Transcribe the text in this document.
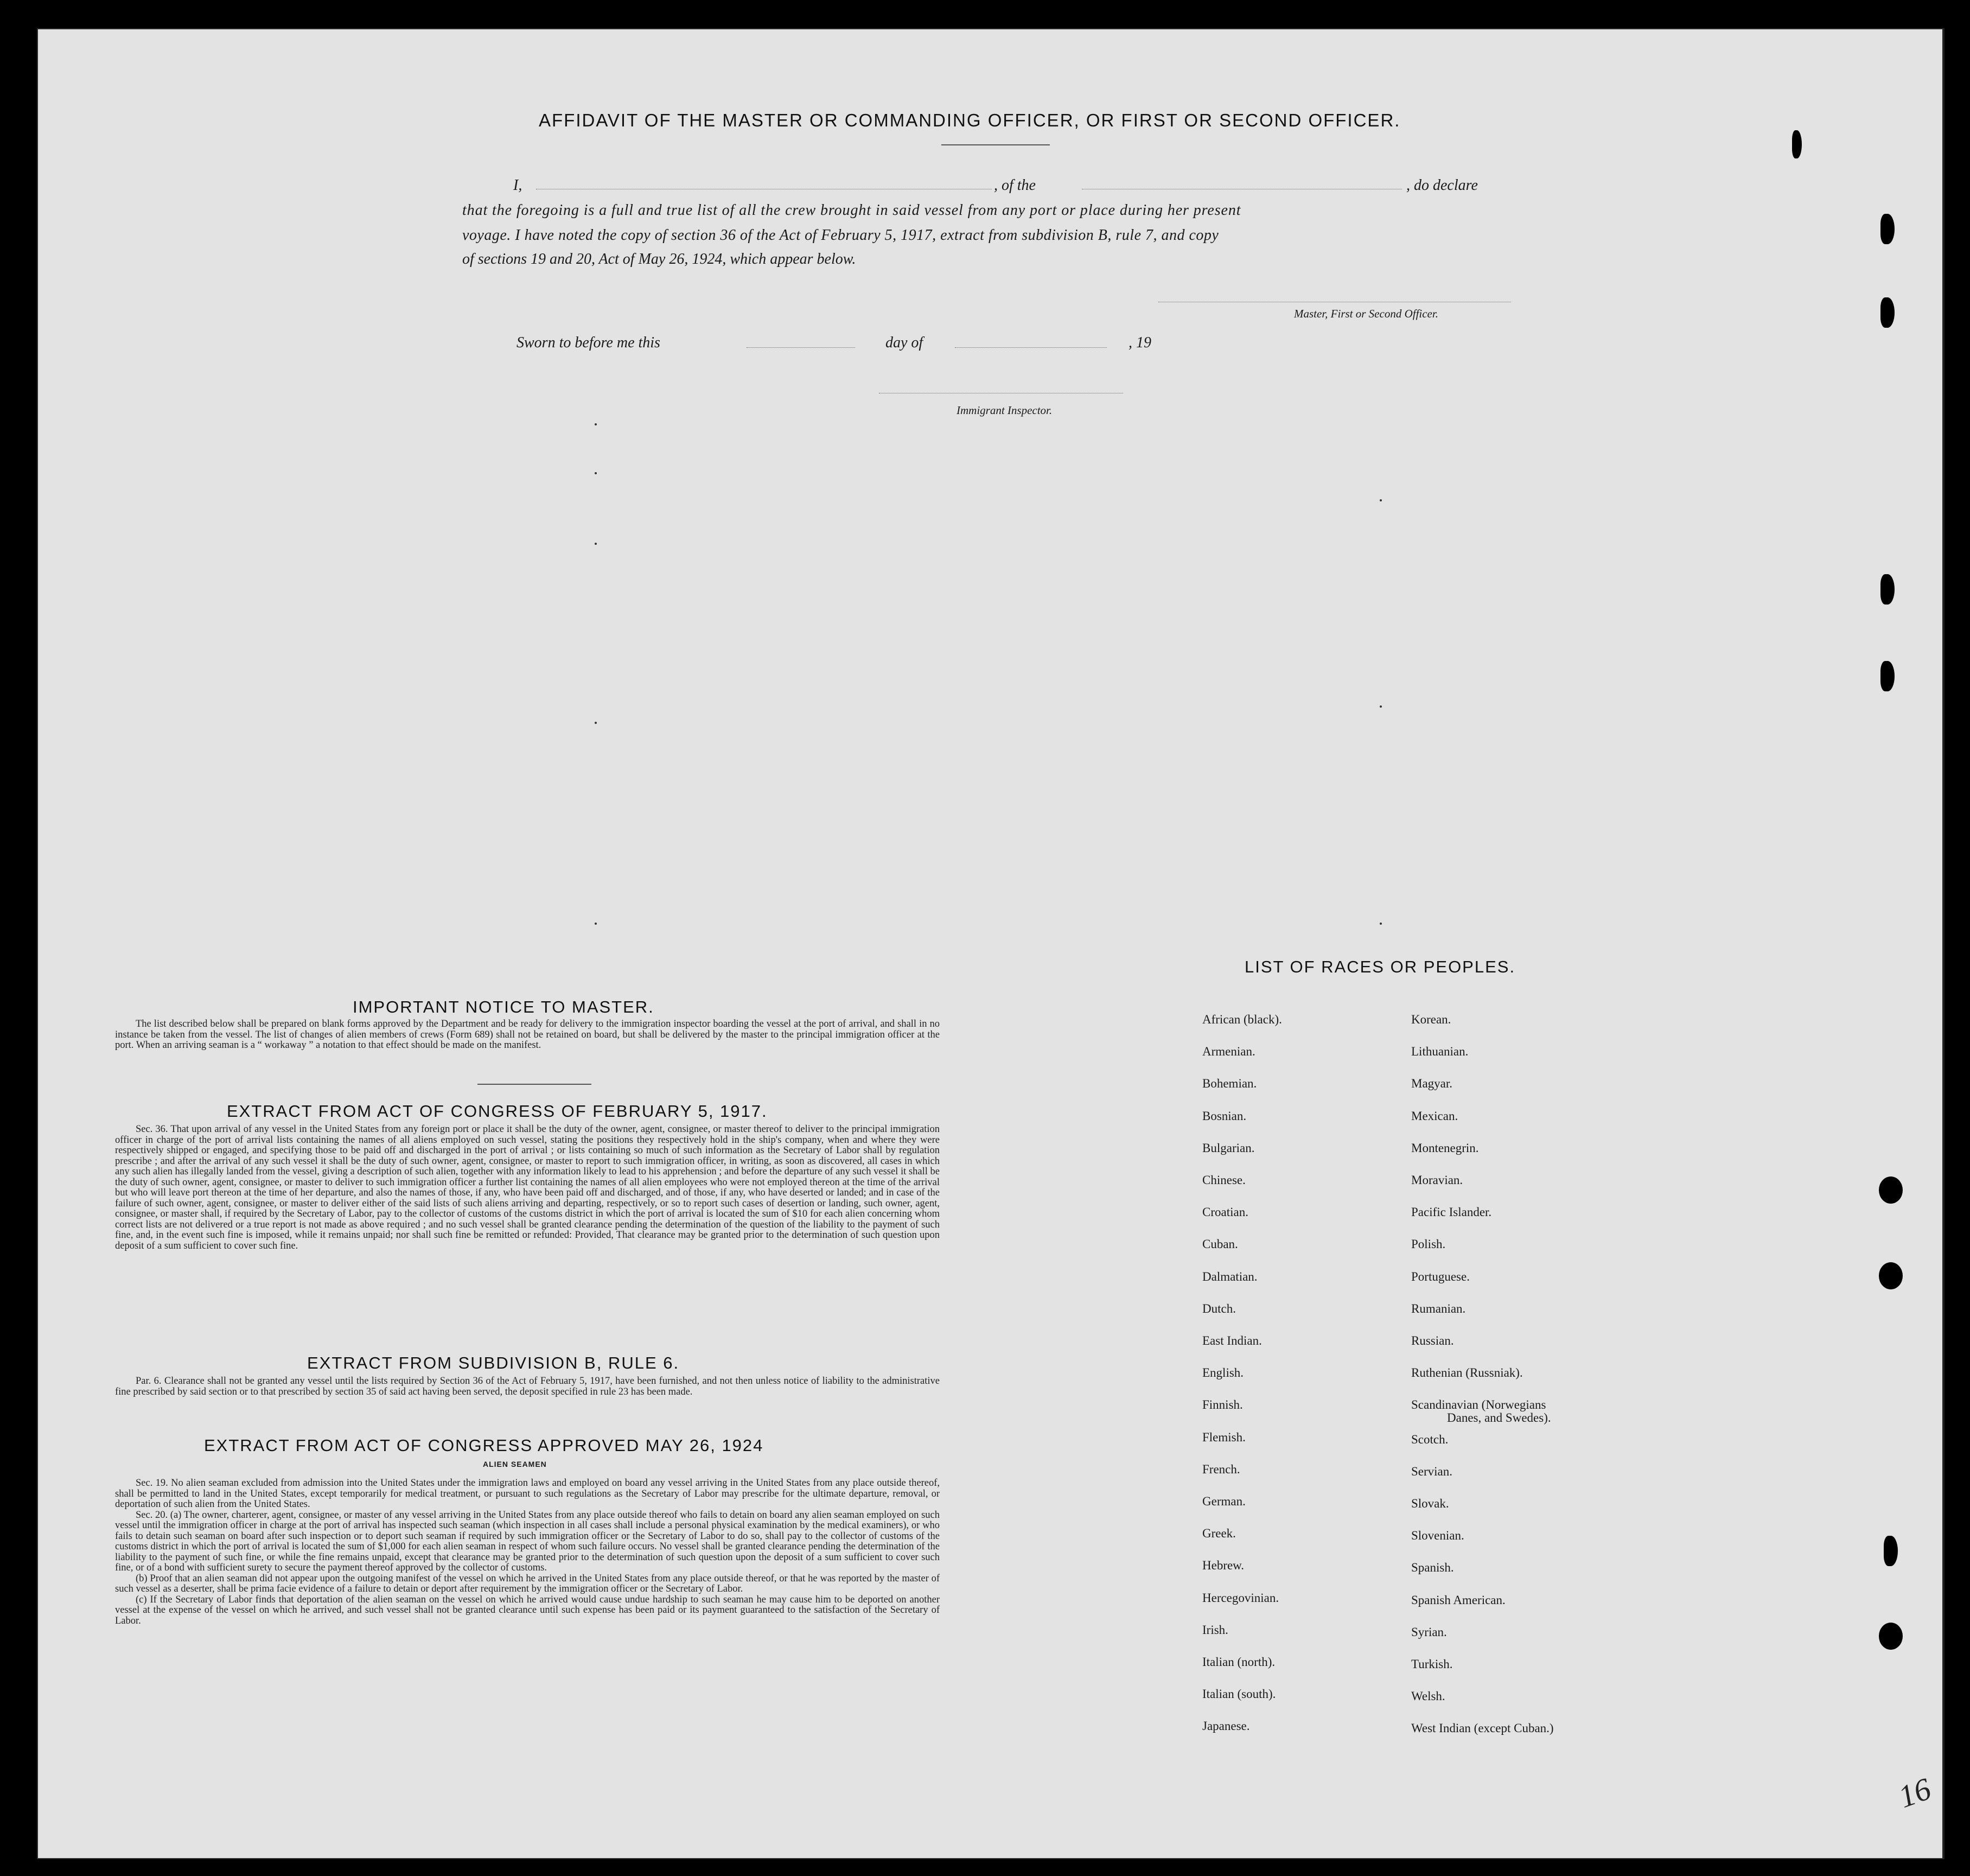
AFFIDAVIT OF THE MASTER OR COMMANDING OFFICER, OR FIRST OR SECOND OFFICER.
I,	, of the	, do declare
that the foregoing is a full and true list of all the crew brought in said vessel from any port or place during her present
voyage. I have noted the copy of section 36 of the Act of February 5, 1917, extract from subdivision B, rule 7, and copy
of sections 19 and 20, Act of May 26, 1924, which appear below.
Master, First or Second Officer.
Sworn to before me this	day of	, 19
Immigrant Inspector.
IMPORTANT NOTICE TO MASTER.

The list described below shall be prepared on blank forms approved by the Department and be ready for delivery to the immigration inspector boarding the vessel at the port of arrival, and shall in no instance be taken from the vessel. The list of changes of alien members of crews (Form 689) shall not be retained on board, but shall be delivered by the master to the principal immigration officer at the port. When an arriving seaman is a “ workaway ” a notation to that effect should be made on the manifest.

EXTRACT FROM ACT OF CONGRESS OF FEBRUARY 5, 1917.

Sec. 36. That upon arrival of any vessel in the United States from any foreign port or place it shall be the duty of the owner, agent, consignee, or master thereof to deliver to the principal immigration officer in charge of the port of arrival lists containing the names of all aliens employed on such vessel, stating the positions they respectively hold in the ship's company, when and where they were respectively shipped or engaged, and specifying those to be paid off and discharged in the port of arrival ; or lists containing so much of such information as the Secretary of Labor shall by regulation prescribe ; and after the arrival of any such vessel it shall be the duty of such owner, agent, consignee, or master to report to such immigration officer, in writing, as soon as discovered, all cases in which any such alien has illegally landed from the vessel, giving a description of such alien, together with any information likely to lead to his apprehension ; and before the departure of any such vessel it shall be the duty of such owner, agent, consignee, or master to deliver to such immigration officer a further list containing the names of all alien employees who were not employed thereon at the time of the arrival but who will leave port thereon at the time of her departure, and also the names of those, if any, who have been paid off and discharged, and of those, if any, who have deserted or landed; and in case of the failure of such owner, agent, consignee, or master to deliver either of the said lists of such aliens arriving and departing, respectively, or so to report such cases of desertion or landing, such owner, agent, consignee, or master shall, if required by the Secretary of Labor, pay to the collector of customs of the customs district in which the port of arrival is located the sum of $10 for each alien concerning whom correct lists are not delivered or a true report is not made as above required ; and no such vessel shall be granted clearance pending the determination of the question of the liability to the payment of such fine, and, in the event such fine is imposed, while it remains unpaid; nor shall such fine be remitted or refunded: Provided, That clearance may be granted prior to the determination of such question upon deposit of a sum sufficient to cover such fine.

EXTRACT FROM SUBDIVISION B, RULE 6.

Par. 6. Clearance shall not be granted any vessel until the lists required by Section 36 of the Act of February 5, 1917, have been furnished, and not then unless notice of liability to the administrative fine prescribed by said section or to that prescribed by section 35 of said act having been served, the deposit specified in rule 23 has been made.

EXTRACT FROM ACT OF CONGRESS APPROVED MAY 26, 1924
ALIEN SEAMEN

Sec. 19. No alien seaman excluded from admission into the United States under the immigration laws and employed on board any vessel arriving in the United States from any place outside thereof, shall be permitted to land in the United States, except temporarily for medical treatment, or pursuant to such regulations as the Secretary of Labor may prescribe for the ultimate departure, removal, or deportation of such alien from the United States.

Sec. 20. (a) The owner, charterer, agent, consignee, or master of any vessel arriving in the United States from any place outside thereof who fails to detain on board any alien seaman employed on such vessel until the immigration officer in charge at the port of arrival has inspected such seaman (which inspection in all cases shall include a personal physical examination by the medical examiners), or who fails to detain such seaman on board after such inspection or to deport such seaman if required by such immigration officer or the Secretary of Labor to do so, shall pay to the collector of customs of the customs district in which the port of arrival is located the sum of $1,000 for each alien seaman in respect of whom such failure occurs. No vessel shall be granted clearance pending the determination of the liability to the payment of such fine, or while the fine remains unpaid, except that clearance may be granted prior to the determination of such question upon the deposit of a sum sufficient to cover such fine, or of a bond with sufficient surety to secure the payment thereof approved by the collector of customs.

(b) Proof that an alien seaman did not appear upon the outgoing manifest of the vessel on which he arrived in the United States from any place outside thereof, or that he was reported by the master of such vessel as a deserter, shall be prima facie evidence of a failure to detain or deport after requirement by the immigration officer or the Secretary of Labor.

(c) If the Secretary of Labor finds that deportation of the alien seaman on the vessel on which he arrived would cause undue hardship to such seaman he may cause him to be deported on another vessel at the expense of the vessel on which he arrived, and such vessel shall not be granted clearance until such expense has been paid or its payment guaranteed to the satisfaction of the Secretary of Labor.

LIST OF RACES OR PEOPLES.
African (black).
Armenian.
Bohemian.
Bosnian.
Bulgarian.
Chinese.
Croatian.
Cuban.
Dalmatian.
Dutch.
East Indian.
English.
Finnish.
Flemish.
French.
German.
Greek.
Hebrew.
Hercegovinian.
Irish.
Italian (north).
Italian (south).
Japanese.
Korean.
Lithuanian.
Magyar.
Mexican.
Montenegrin.
Moravian.
Pacific Islander.
Polish.
Portuguese.
Rumanian.
Russian.
Ruthenian (Russniak).
Scandinavian (Norwegians
Scotch.
Servian.
Slovak.
Slovenian.
Spanish.
Spanish American.
Syrian.
Turkish.
Welsh.
West Indian (except Cuban.)
Danes, and Swedes).
16
